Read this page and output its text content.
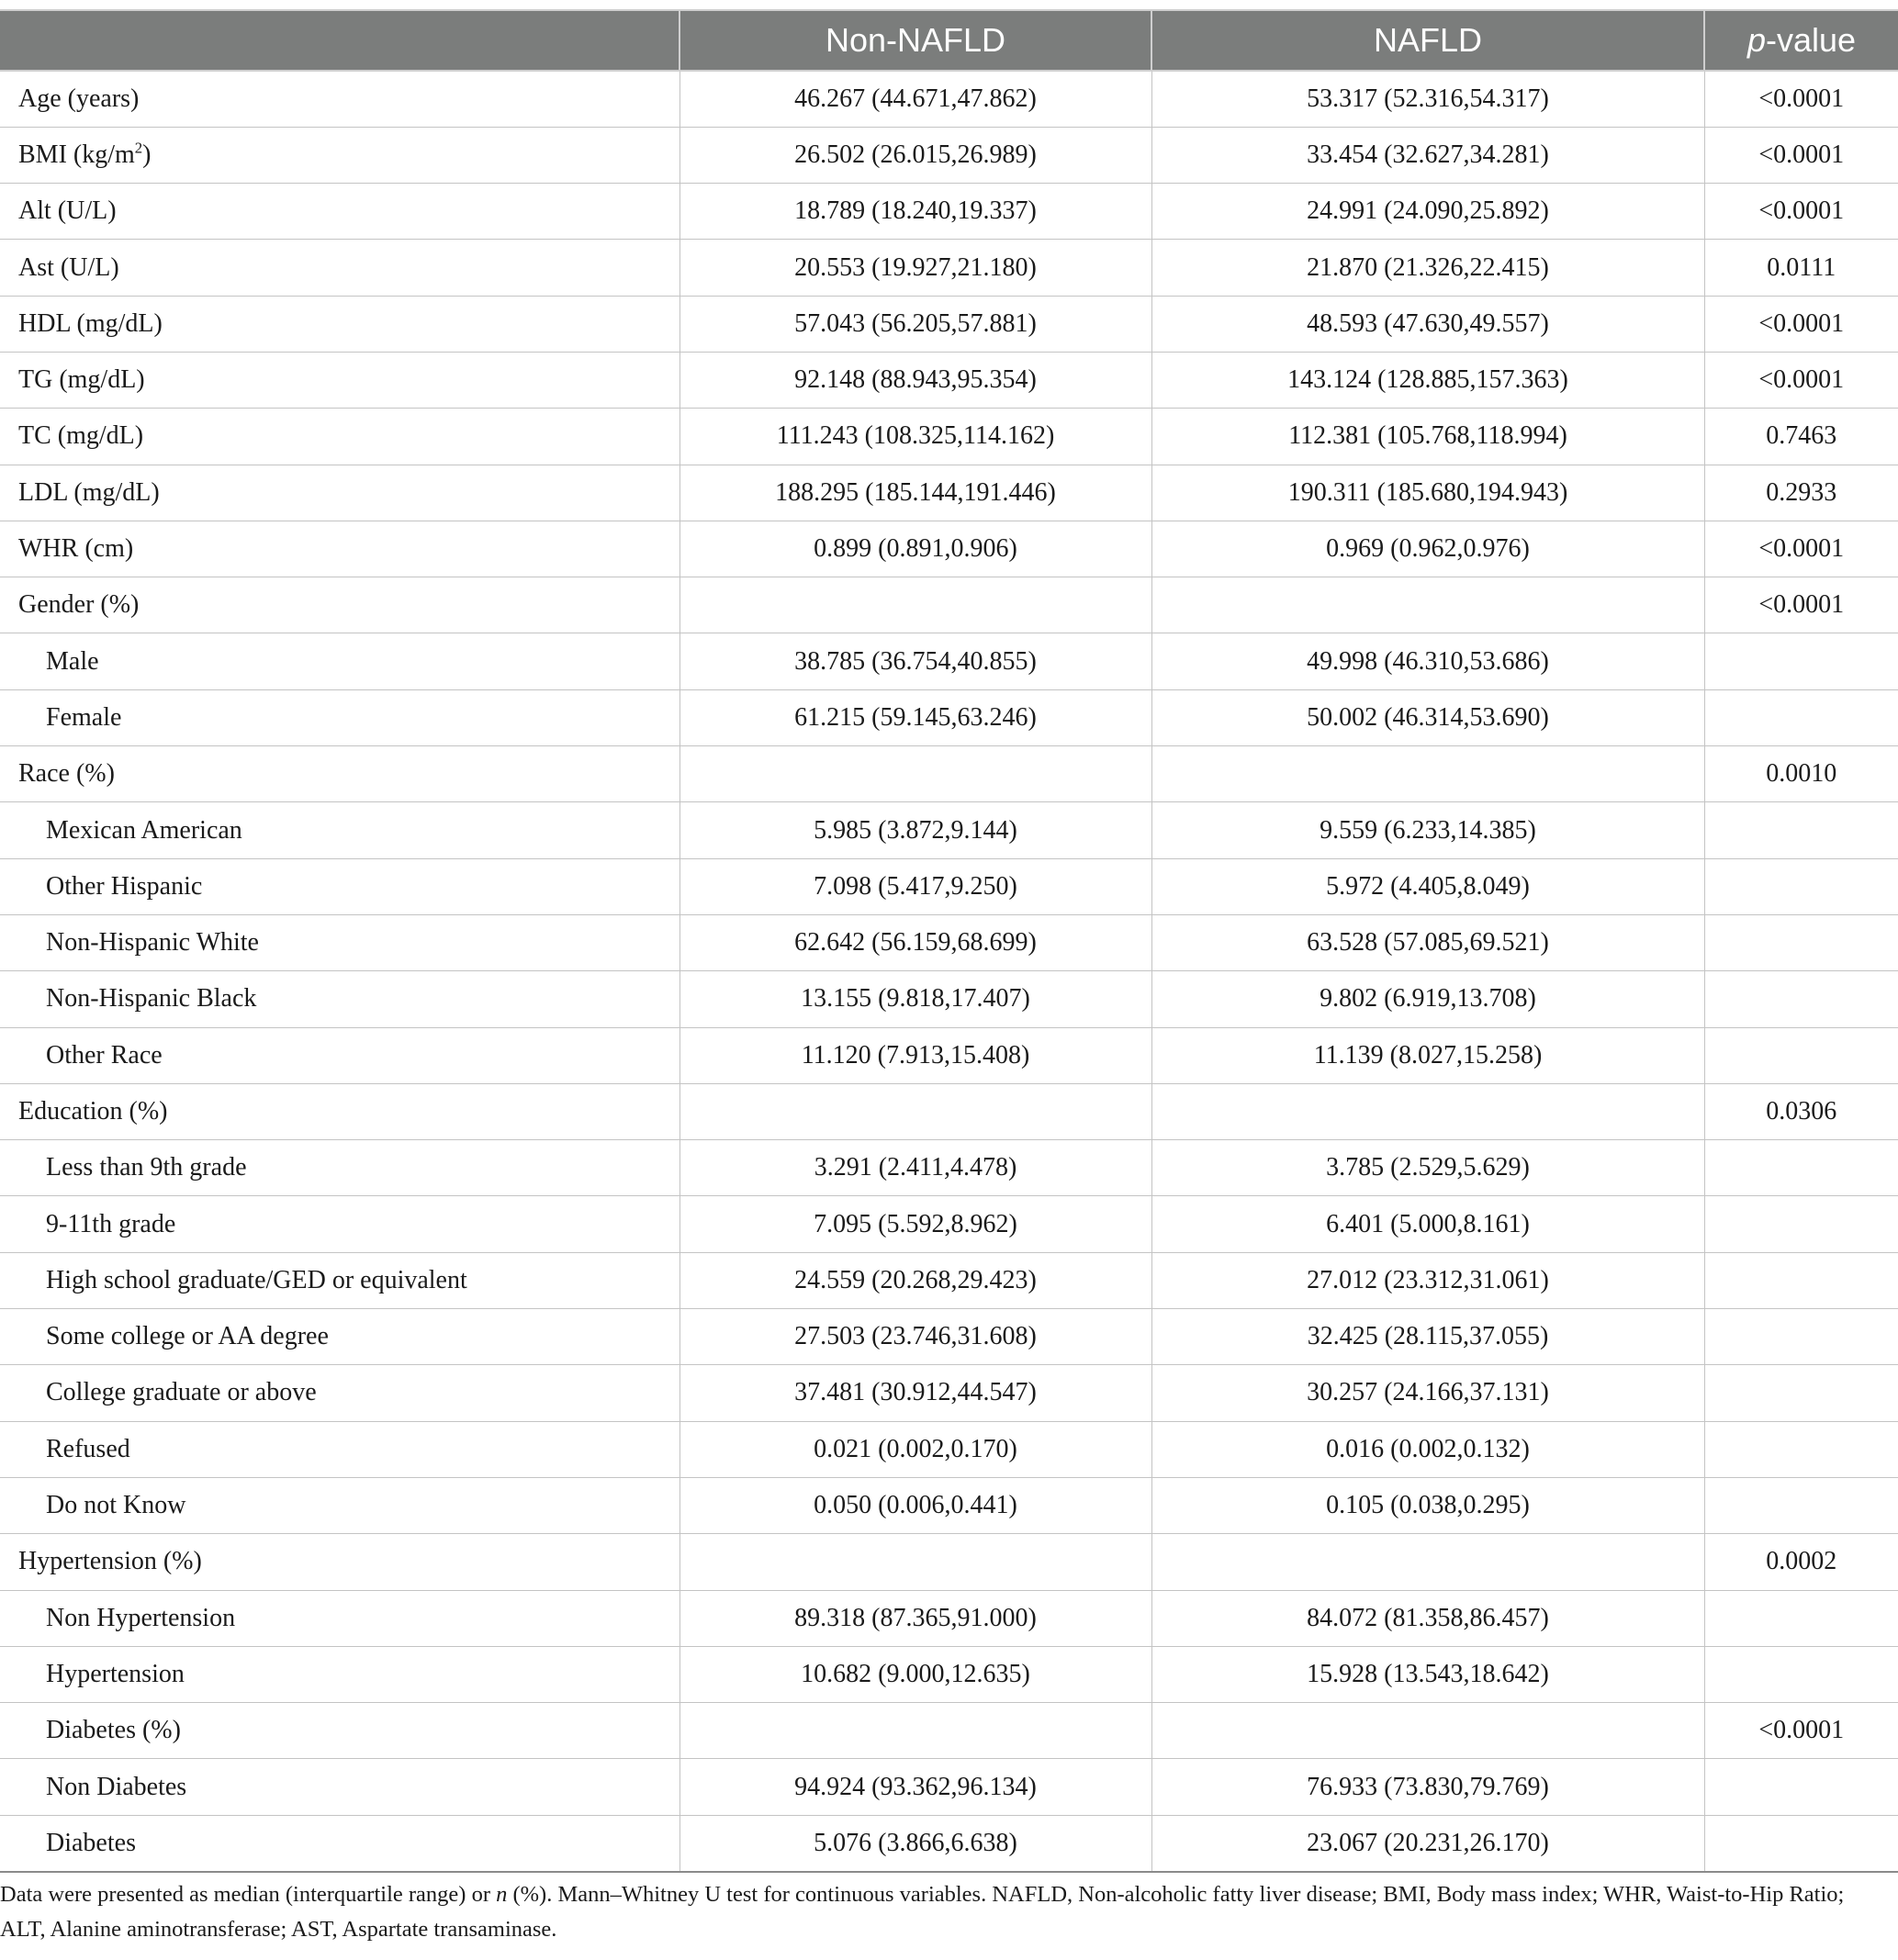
	Non-NAFLD	NAFLD	p-value
Age (years)	46.267 (44.671,47.862)	53.317 (52.316,54.317)	<0.0001
BMI $(kg/m^2)$	26.502 (26.015,26.989)	33.454 (32.627,34.281)	<0.0001
Alt (U/L)	18.789 (18.240,19.337)	24.991 (24.090,25.892)	<0.0001
Ast (U/L)	20.553 (19.927,21.180)	21.870 (21.326,22.415)	0.0111
HDL (mg/dL)	57.043 (56.205,57.881)	48.593 (47.630,49.557)	<0.0001
TG (mg/dL)	92.148 (88.943,95.354)	143.124 (128.885,157.363)	<0.0001
TC (mg/dL)	111.243 (108.325,114.162)	112.381 (105.768,118.994)	0.7463
LDL (mg/dL)	188.295 (185.144,191.446)	190.311 (185.680,194.943)	0.2933
WHR (cm)	0.899 (0.891,0.906)	0.969 (0.962,0.976)	<0.0001
Gender (%)			<0.0001
Male	38.785 (36.754,40.855)	49.998 (46.310,53.686)	
Female	61.215 (59.145,63.246)	50.002 (46.314,53.690)	
Race (%)			0.0010
Mexican American	5.985 (3.872,9.144)	9.559 (6.233,14.385)	
Other Hispanic	7.098 (5.417,9.250)	5.972 (4.405,8.049)	
Non-Hispanic White	62.642 (56.159,68.699)	63.528 (57.085,69.521)	
Non-Hispanic Black	13.155 (9.818,17.407)	9.802 (6.919,13.708)	
Other Race	11.120 (7.913,15.408)	11.139 (8.027,15.258)	
Education (%)			0.0306
Less than 9th grade	3.291 (2.411,4.478)	3.785 (2.529,5.629)	
9-11th grade	7.095 (5.592,8.962)	6.401 (5.000,8.161)	
High school graduate/GED or equivalent	24.559 (20.268,29.423)	27.012 (23.312,31.061)	
Some college or AA degree	27.503 (23.746,31.608)	32.425 (28.115,37.055)	
College graduate or above	37.481 (30.912,44.547)	30.257 (24.166,37.131)	
Refused	0.021 (0.002,0.170)	0.016 (0.002,0.132)	
Do not Know	0.050 (0.006,0.441)	0.105 (0.038,0.295)	
Hypertension (%)			0.0002
Non Hypertension	89.318 (87.365,91.000)	84.072 (81.358,86.457)	
Hypertension	10.682 (9.000,12.635)	15.928 (13.543,18.642)	
Diabetes (%)			<0.0001
Non Diabetes	94.924 (93.362,96.134)	76.933 (73.830,79.769)	
Diabetes	5.076 (3.866,6.638)	23.067 (20.231,26.170)	
Data were presented as median (interquartile range) or n (%). Mann–Whitney U test for continuous variables. NAFLD, Non-alcoholic fatty liver disease; BMI, Body mass index; WHR, Waist-to-Hip Ratio; ALT, Alanine aminotransferase; AST, Aspartate transaminase.
